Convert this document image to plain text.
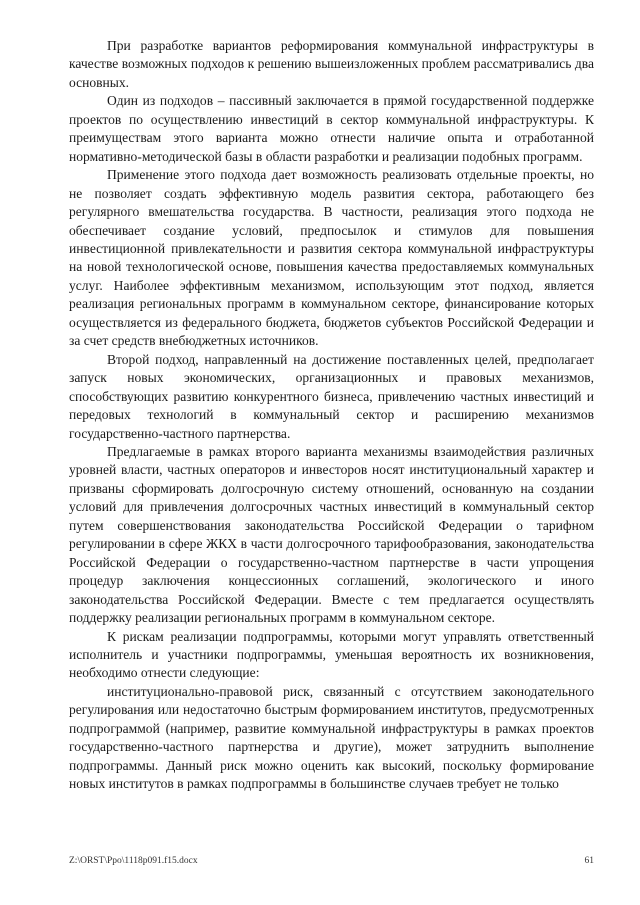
При разработке вариантов реформирования коммунальной инфраструктуры в качестве возможных подходов к решению вышеизложенных проблем рассматривались два основных.

Один из подходов – пассивный заключается в прямой государственной поддержке проектов по осуществлению инвестиций в сектор коммунальной инфраструктуры. К преимуществам этого варианта можно отнести наличие опыта и отработанной нормативно-методической базы в области разработки и реализации подобных программ.

Применение этого подхода дает возможность реализовать отдельные проекты, но не позволяет создать эффективную модель развития сектора, работающего без регулярного вмешательства государства. В частности, реализация этого подхода не обеспечивает создание условий, предпосылок и стимулов для повышения инвестиционной привлекательности и развития сектора коммунальной инфраструктуры на новой технологической основе, повышения качества предоставляемых коммунальных услуг. Наиболее эффективным механизмом, использующим этот подход, является реализация региональных программ в коммунальном секторе, финансирование которых осуществляется из федерального бюджета, бюджетов субъектов Российской Федерации и за счет средств внебюджетных источников.

Второй подход, направленный на достижение поставленных целей, предполагает запуск новых экономических, организационных и правовых механизмов, способствующих развитию конкурентного бизнеса, привлечению частных инвестиций и передовых технологий в коммунальный сектор и расширению механизмов государственно-частного партнерства.

Предлагаемые в рамках второго варианта механизмы взаимодействия различных уровней власти, частных операторов и инвесторов носят институциональный характер и призваны сформировать долгосрочную систему отношений, основанную на создании условий для привлечения долгосрочных частных инвестиций в коммунальный сектор путем совершенствования законодательства Российской Федерации о тарифном регулировании в сфере ЖКХ в части долгосрочного тарифообразования, законодательства Российской Федерации о государственно-частном партнерстве в части упрощения процедур заключения концессионных соглашений, экологического и иного законодательства Российской Федерации. Вместе с тем предлагается осуществлять поддержку реализации региональных программ в коммунальном секторе.

К рискам реализации подпрограммы, которыми могут управлять ответственный исполнитель и участники подпрограммы, уменьшая вероятность их возникновения, необходимо отнести следующие:

институционально-правовой риск, связанный с отсутствием законодательного регулирования или недостаточно быстрым формированием институтов, предусмотренных подпрограммой (например, развитие коммунальной инфраструктуры в рамках проектов государственно-частного партнерства и другие), может затруднить выполнение подпрограммы. Данный риск можно оценить как высокий, поскольку формирование новых институтов в рамках подпрограммы в большинстве случаев требует не только

Z:\ORST\Ppo\1118p091.f15.docx	61
